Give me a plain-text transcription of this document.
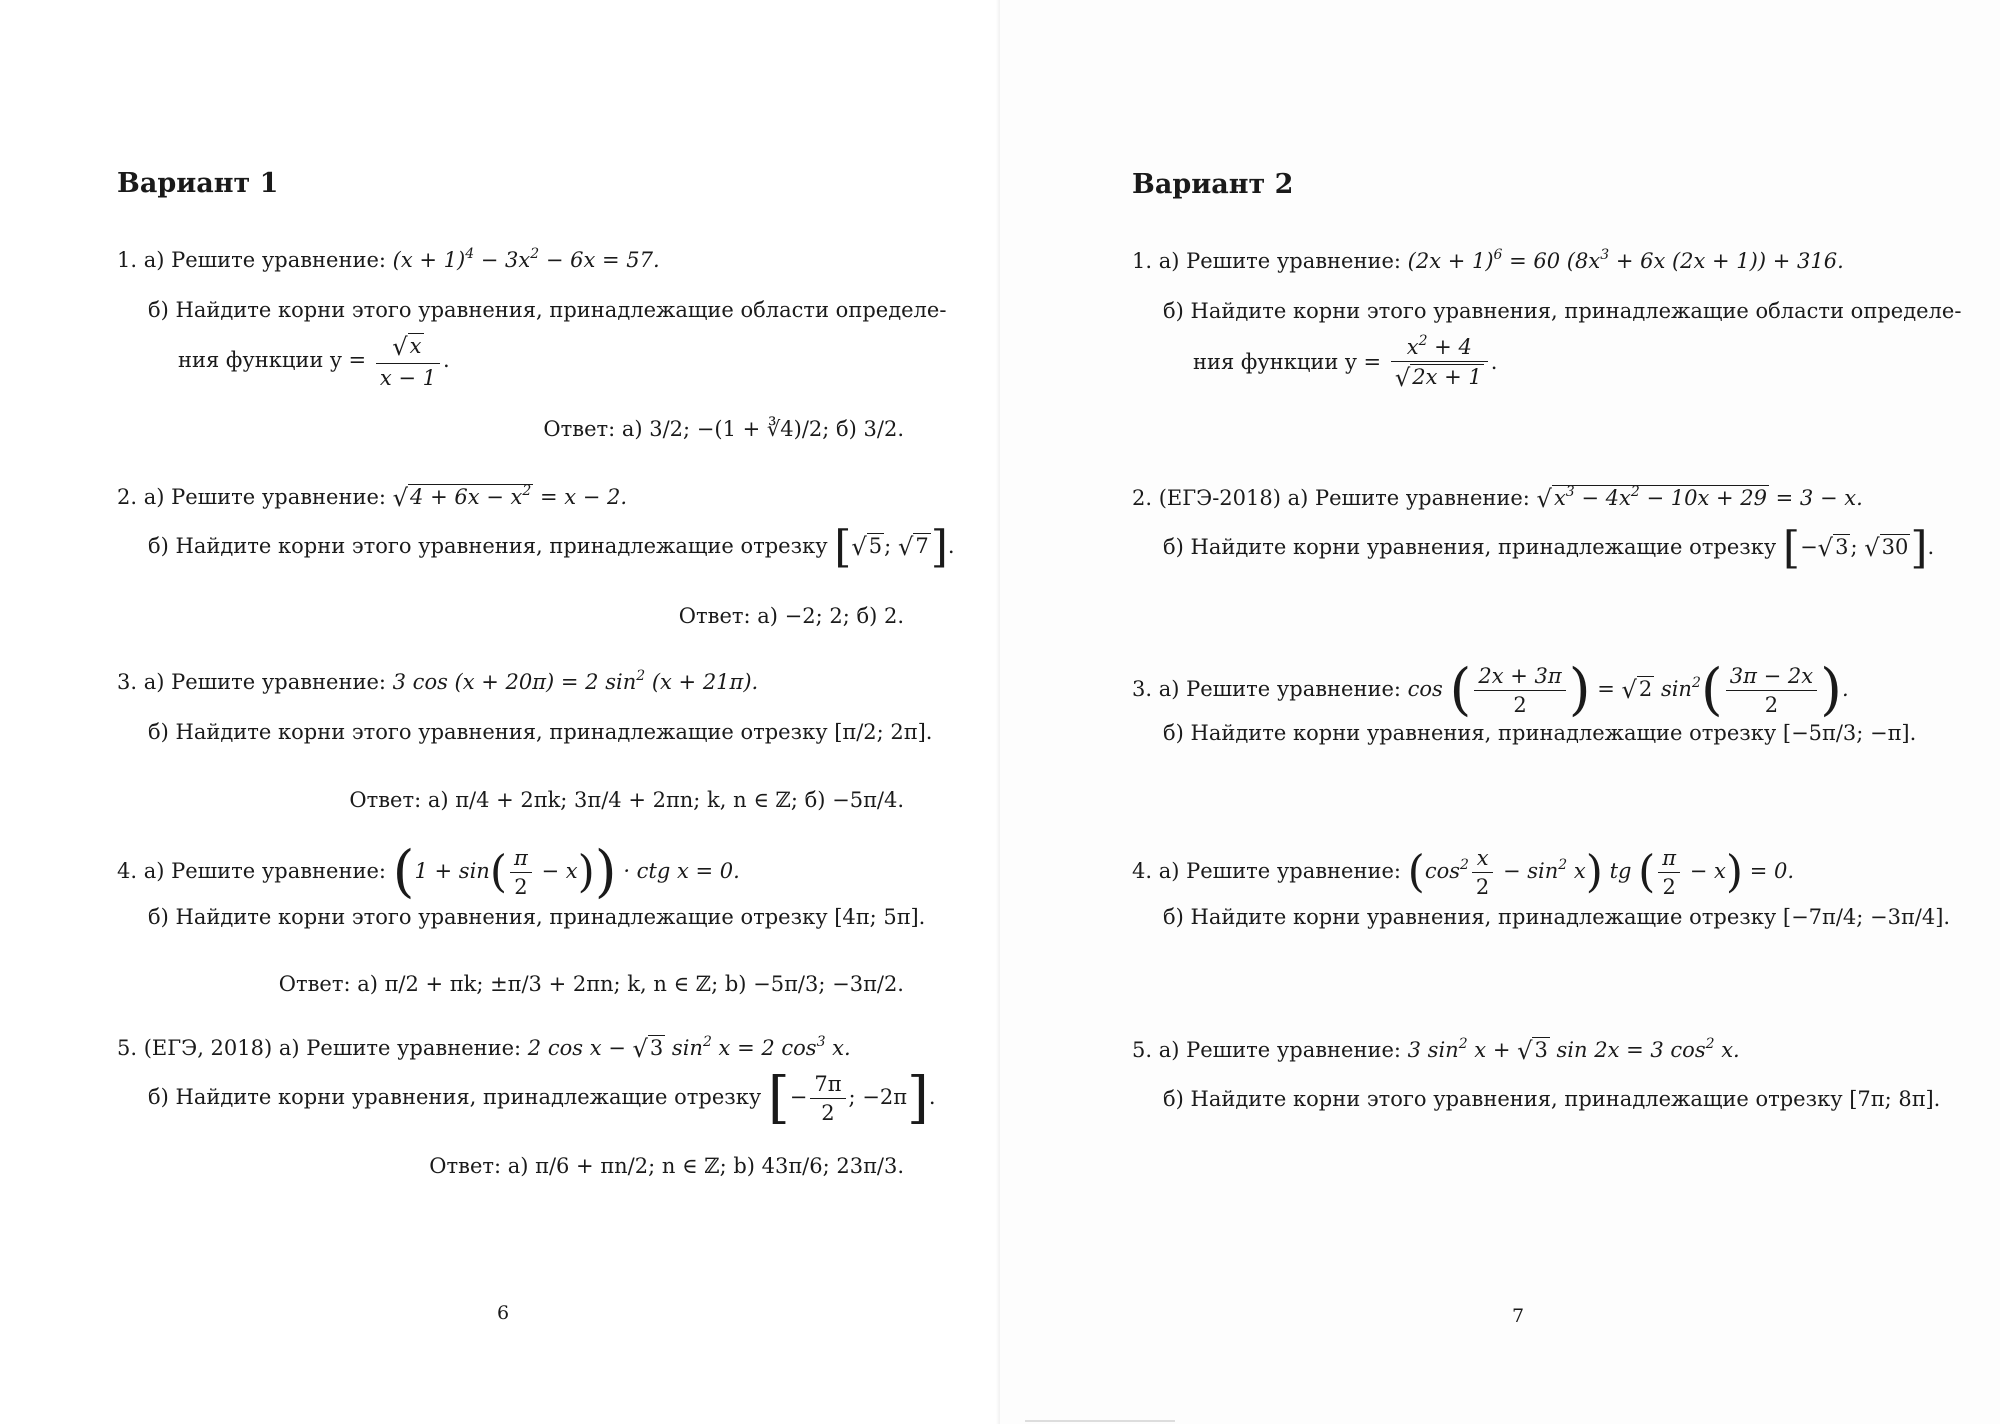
Вариант 1
1. а) Решите уравнение: $(x + 1)^4 - 3x^2 - 6x = 57$.
б) Найдите корни этого уравнения, принадлежащие области определе-
ния функции $y = \frac{√x}{x - 1}$ .
2. а) Решите уравнение: $√4 + 6x - x^2 = x - 2$.
б) Найдите корни этого уравнения, принадлежащие отрезку [√5; √7].
3. а) Решите уравнение: 3 cos (x + 20π) = 2 $\sin^2 (x + 21\pi)$.
б) Найдите корни этого уравнения, принадлежащие отрезку [π/2; 2π].
4. а) Решите уравнение: $(1 + \sin( \frac{\pi}{2} - x))$ · ctg x = 0.
б) Найдите корни этого уравнения, принадлежащие отрезку [4π; 5π].
5. (ЕГЭ, 2018) а) Решите уравнение: 2 cos x − √3 $\sin^2 x = 2$ $\cos^3 x$.
б) Найдите корни уравнения, принадлежащие отрезку [− $\frac{7\pi}{2}$ ; −2π].
6
Вариант 2
1. а) Решите уравнение: $(2x + 1)^6 = 60$ ($8x^3 + 6x$ (2x + 1)) + 316.
б) Найдите корни этого уравнения, принадлежащие области определе-
ния функции $y = \frac{x^2 + 4}{√2x + 1}$ .
Ответ: а) 3/2; −(1 + ∛4)/2; б) 3/2.
2. (ЕГЭ-2018) а) Решите уравнение: $√x^3 - 4x^2 - 10x + 29 = 3 - x$.
б) Найдите корни уравнения, принадлежащие отрезку [−√3; √30].
Ответ: а) −2; 2; б) 2.
3. а) Решите уравнение: cos ( $\frac{2x + 3\pi}{2}$ ) = √2 $\sin^2( \frac{3\pi - 2x}{2}$ ).
б) Найдите корни уравнения, принадлежащие отрезку [−5π/3; −π].
Ответ: а) π/4 + 2πk; 3π/4 + 2πn; k, n ∈ ℤ; б) −5π/4.
4. а) Решите уравнение: $(\cos^2 \frac{x}{2} - \sin^2 x)$ tg ( $\frac{\pi}{2} - x) = 0$.
б) Найдите корни уравнения, принадлежащие отрезку [−7π/4; −3π/4].
Ответ: а) π/2 + πk; ±π/3 + 2πn; k, n ∈ ℤ; b) −5π/3; −3π/2.
5. а) Решите уравнение: 3 $\sin^2 x + √3$ sin 2x = 3 $\cos^2 x$.
б) Найдите корни этого уравнения, принадлежащие отрезку [7π; 8π].
Ответ: а) π/6 + πn/2; n ∈ ℤ; b) 43π/6; 23π/3.
7
